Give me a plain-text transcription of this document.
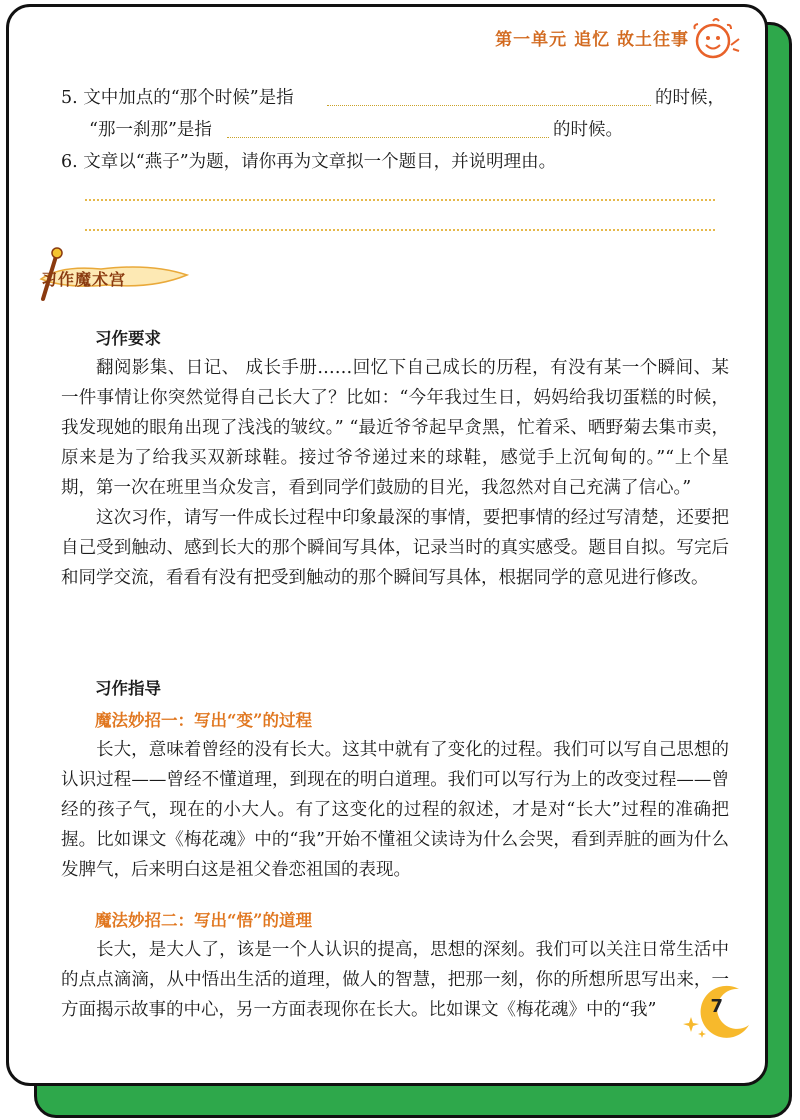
第一单元 追忆 故土往事
5. 文中加点的“那个时候”是指	的时候，
“那一刹那”是指	的时候。
6. 文章以“燕子”为题，请你再为文章拟一个题目，并说明理由。
习作魔术宫
习作要求

翻阅影集、日记、 成长手册……回忆下自己成长的历程，有没有某一个瞬间、某一件事情让你突然觉得自己长大了？比如：“今年我过生日，妈妈给我切蛋糕的时候，我发现她的眼角出现了浅浅的皱纹。” “最近爷爷起早贪黑，忙着采、晒野菊去集市卖，原来是为了给我买双新球鞋。接过爷爷递过来的球鞋，感觉手上沉甸甸的。”“上个星期，第一次在班里当众发言，看到同学们鼓励的目光，我忽然对自己充满了信心。”

这次习作，请写一件成长过程中印象最深的事情，要把事情的经过写清楚，还要把自己受到触动、感到长大的那个瞬间写具体，记录当时的真实感受。题目自拟。写完后和同学交流，看看有没有把受到触动的那个瞬间写具体，根据同学的意见进行修改。

习作指导
魔法妙招一：写出“变”的过程

长大，意味着曾经的没有长大。这其中就有了变化的过程。我们可以写自己思想的认识过程——曾经不懂道理，到现在的明白道理。我们可以写行为上的改变过程——曾经的孩子气，现在的小大人。有了这变化的过程的叙述，才是对“长大”过程的准确把握。比如课文《梅花魂》中的“我”开始不懂祖父读诗为什么会哭，看到弄脏的画为什么发脾气，后来明白这是祖父眷恋祖国的表现。

魔法妙招二：写出“悟”的道理

长大，是大人了，该是一个人认识的提高，思想的深刻。我们可以关注日常生活中的点点滴滴，从中悟出生活的道理，做人的智慧，把那一刻，你的所想所思写出来，一方面揭示故事的中心，另一方面表现你在长大。比如课文《梅花魂》中的“我”	7
